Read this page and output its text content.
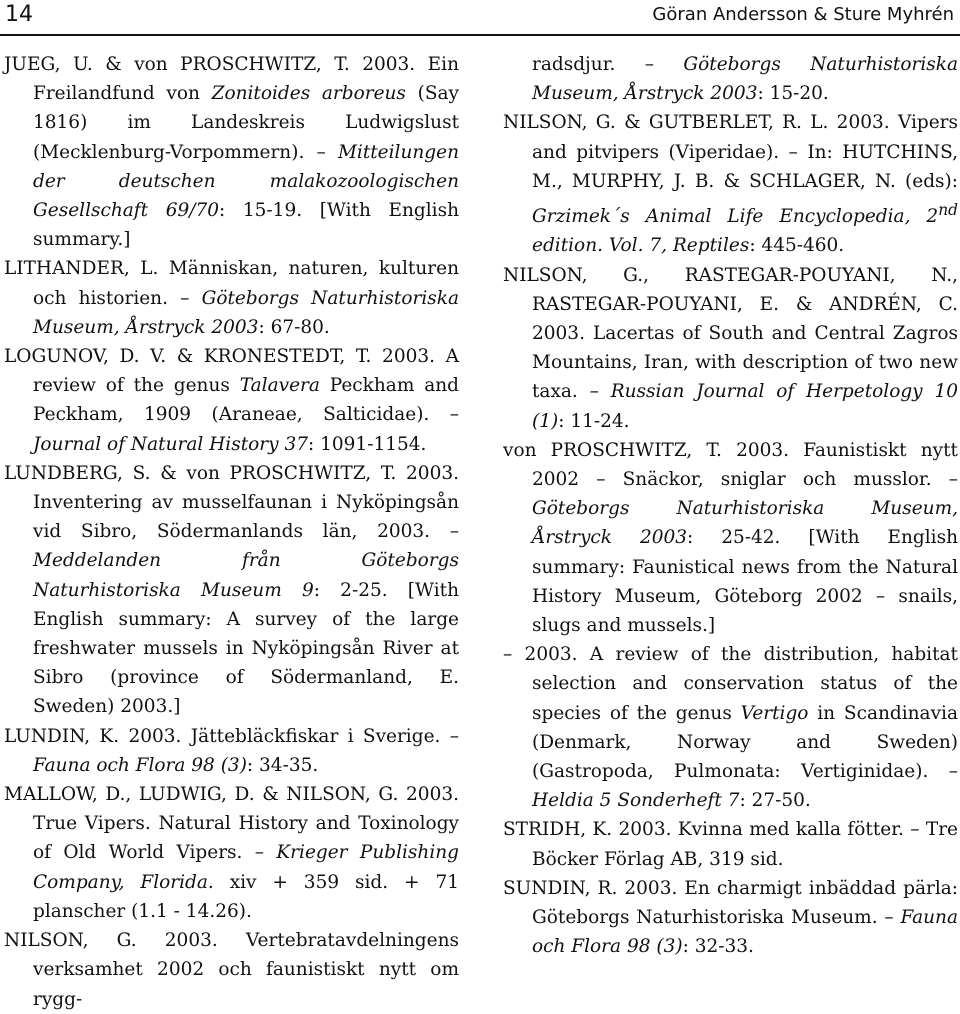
14	Göran Andersson & Sture Myhrén

JUEG, U. & von PROSCHWITZ, T. 2003. Ein Freilandfund von Zonitoides arboreus (Say 1816) im Landeskreis Ludwigslust (Mecklenburg-Vorpommern). – Mitteilungen der deutschen malakozoologischen Gesellschaft 69/70: 15-19. [With English summary.]

LITHANDER, L. Människan, naturen, kulturen och historien. – Göteborgs Naturhistoriska Museum, Årstryck 2003: 67-80.

LOGUNOV, D. V. & KRONESTEDT, T. 2003. A review of the genus Talavera Peckham and Peckham, 1909 (Araneae, Salticidae). – Journal of Natural History 37: 1091-1154.

LUNDBERG, S. & von PROSCHWITZ, T. 2003. Inventering av musselfaunan i Nyköpingsån vid Sibro, Södermanlands län, 2003. – Meddelanden från Göteborgs Naturhistoriska Museum 9: 2-25. [With English summary: A survey of the large freshwater mussels in Nyköpingsån River at Sibro (province of Södermanland, E. Sweden) 2003.]

LUNDIN, K. 2003. Jättebläckfiskar i Sverige. – Fauna och Flora 98 (3): 34-35.

MALLOW, D., LUDWIG, D. & NILSON, G. 2003. True Vipers. Natural History and Toxinology of Old World Vipers. – Krieger Publishing Company, Florida. xiv + 359 sid. + 71 planscher (1.1 - 14.26).

NILSON, G. 2003. Vertebratavdelningens verksamhet 2002 och faunistiskt nytt om rygg-

radsdjur. – Göteborgs Naturhistoriska Museum, Årstryck 2003: 15-20.

NILSON, G. & GUTBERLET, R. L. 2003. Vipers and pitvipers (Viperidae). – In: HUTCHINS, M., MURPHY, J. B. & SCHLAGER, N. (eds): Grzimek´s Animal Life Encyclopedia, 2nd edition. Vol. 7, Reptiles: 445-460.

NILSON, G., RASTEGAR-POUYANI, N., RASTEGAR-POUYANI, E. & ANDRÉN, C. 2003. Lacertas of South and Central Zagros Mountains, Iran, with description of two new taxa. – Russian Journal of Herpetology 10 (1): 11-24.

von PROSCHWITZ, T. 2003. Faunistiskt nytt 2002 – Snäckor, sniglar och musslor. – Göteborgs Naturhistoriska Museum, Årstryck 2003: 25-42. [With English summary: Faunistical news from the Natural History Museum, Göteborg 2002 – snails, slugs and mussels.]

– 2003. A review of the distribution, habitat selection and conservation status of the species of the genus Vertigo in Scandinavia (Denmark, Norway and Sweden) (Gastropoda, Pulmonata: Vertiginidae). – Heldia 5 Sonderheft 7: 27-50.

STRIDH, K. 2003. Kvinna med kalla fötter. – Tre Böcker Förlag AB, 319 sid.

SUNDIN, R. 2003. En charmigt inbäddad pärla: Göteborgs Naturhistoriska Museum. – Fauna och Flora 98 (3): 32-33.
